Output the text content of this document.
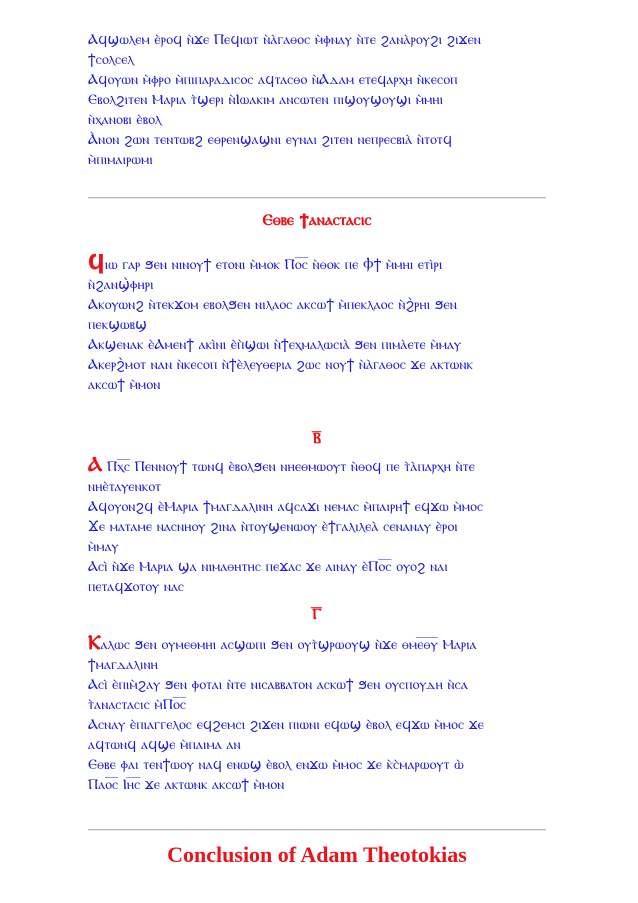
Ⲁϥϣⲱⲗⲉⲙ ⲉ̀ⲣⲟϥ ⲛ̀ϫⲉ Ⲡⲉϥⲓⲱⲧ ⲛ̀ⲁ̀ⲅⲁⲑⲟⲥ ⲙ̀ⲫⲛⲁⲩ ⲛ̀ⲧⲉ ϩⲁⲛⲁ̀ⲣⲟⲩϩⲓ ϩⲓϫⲉⲛ
ϯⲥⲟⲗⲥⲉⲗ
Ⲁϥⲟⲩⲱⲛ ⲙ̀ⲫⲣⲟ ⲙ̀ⲡⲓⲡⲁⲣⲁⲇⲓⲥⲟⲥ ⲁϥⲧⲁⲥⲑⲟ ⲛ̀Ⲁⲇⲁⲙ ⲉⲧⲉϥⲁⲣⲭⲏ ⲛ̀ⲕⲉⲥⲟⲡ
Ⲉⲃⲟⲗϩⲓⲧⲉⲛ Ⲙⲁⲣⲓⲁ ⲧ̀ϣⲉⲣⲓ ⲛ̀Ⲓⲱⲁⲕⲓⲙ ⲁⲛⲥⲱⲧⲉⲛ ⲡⲓϣⲟⲩϣⲟⲩϣⲓ ⲙ̀ⲙⲏⲓ
ⲛ̀ⲭⲁⲛⲟⲃⲓ ⲉ̀ⲃⲟⲗ
Ⲁ̀ⲛⲟⲛ ϩⲱⲛ ⲧⲉⲛⲧⲱⲃϩ ⲉⲑⲣⲉⲛϣⲁϣⲛⲓ ⲉⲩⲛⲁⲓ ϩⲓⲧⲉⲛ ⲛⲉⲡⲣⲉⲥⲃⲓⲁ̀ ⲛ̀ⲧⲟⲧϥ
ⲙ̀ⲡⲓⲙⲁⲓⲣⲱⲙⲓ
Ⲉⲑⲃⲉ ϯⲁⲛⲁⲥⲧⲁⲥⲓⲥ
Ϥⲓⲱ ⲅⲁⲣ ϧⲉⲛ ⲛⲓⲛⲟⲩϯ ⲉⲧⲟⲛⲓ ⲙ̀ⲙⲟⲕ Ⲡⲟ̅ⲥ̅ ⲛ̀ⲑⲟⲕ ⲡⲉ Ⲫϯ ⲙ̀ⲙⲏⲓ ⲉⲧⲓ̀ⲣⲓ
ⲛ̀ϩⲁⲛϣ̀ⲫⲏⲣⲓ
Ⲁⲕⲟⲩⲱⲛϩ ⲛ̀ⲧⲉⲕϫⲟⲙ ⲉⲃⲟⲗϧⲉⲛ ⲛⲓⲗⲁⲟⲥ ⲁⲕⲥⲱϯ ⲙ̀ⲡⲉⲕⲗⲁⲟⲥ ⲛ̀ϩ̀ⲣⲏⲓ ϧⲉⲛ
ⲡⲉⲕϣⲱⲃϣ
Ⲁⲕϣⲉⲛⲁⲕ ⲉ̀Ⲁⲙⲉⲛϯ ⲁⲕⲓ̀ⲛⲓ ⲉ̀ⲡ̀ϣⲱⲓ ⲛ̀ϯⲉⲭⲙⲁⲗⲱⲥⲓⲁ̀ ϧⲉⲛ ⲡⲓⲙⲁ̀ⲉⲧⲉ ⲙ̀ⲙⲁⲩ
Ⲁⲕⲉⲣϩ̀ⲙⲟⲧ ⲛⲁⲛ ⲛ̀ⲕⲉⲥⲟⲡ ⲛ̀ϯⲉ̀ⲗⲉⲩⲑⲉⲣⲓⲁ ϩⲱⲥ ⲛⲟⲩϯ ⲛ̀ⲁ̀ⲅⲁⲑⲟⲥ ϫⲉ ⲁⲕⲧⲱⲛⲕ
ⲁⲕⲥⲱϯ ⲙ̀ⲙⲟⲛ
Ⲃ̅
Ⲁ Ⲡⲭ̅ⲥ̅ Ⲡⲉⲛⲛⲟⲩϯ ⲧⲱⲛϥ ⲉ̀ⲃⲟⲗϧⲉⲛ ⲛⲏⲉⲑⲙⲱⲟⲩⲧ ⲛ̀ⲑⲟϥ ⲡⲉ ⲧ̀ⲁ̀ⲡⲁⲣⲭⲏ ⲛ̀ⲧⲉ
ⲛⲏⲉ̀ⲧⲁⲩⲉⲛⲕⲟⲧ
Ⲁϥⲟⲩⲟⲛϩϥ ⲉ̀Ⲙⲁⲣⲓⲁ ϯⲙⲁⲅⲇⲁⲗⲓⲛⲏ ⲁϥⲥⲁϫⲓ ⲛⲉⲙⲁⲥ ⲙ̀ⲡⲁⲓⲣⲏϯ ⲉϥϫⲱ ⲙ̀ⲙⲟⲥ
Ϫⲉ ⲙⲁⲧⲁⲙⲉ ⲛⲁⲥⲛⲏⲟⲩ ϩⲓⲛⲁ ⲛ̀ⲧⲟⲩϣⲉⲛⲱⲟⲩ ⲉ̀ϯⲅⲁⲗⲓⲗⲉⲁ̀ ⲥⲉⲛⲁⲛⲁⲩ ⲉ̀ⲣⲟⲓ
ⲙ̀ⲙⲁⲩ
Ⲁⲥⲓ̀ ⲛ̀ϫⲉ Ⲙⲁⲣⲓⲁ ϣⲁ ⲛⲓⲙⲁⲑⲏⲧⲏⲥ ⲡⲉϫⲁⲥ ϫⲉ ⲁⲓⲛⲁⲩ ⲉ̀Ⲡⲟ̅ⲥ̅ ⲟⲩⲟϩ ⲛⲁⲓ
ⲡⲉⲧⲁϥϫⲟⲧⲟⲩ ⲛⲁⲥ
Ⲅ̅
Ⲕⲁⲗⲱⲥ ϧⲉⲛ ⲟⲩⲙⲉⲑⲙⲏⲓ ⲁⲥϣⲱⲡⲓ ϧⲉⲛ ⲟⲩⲧ̀ϣⲣⲱⲟⲩϣ ⲛ̀ϫⲉ ⲑⲙⲉ̅ⲑ̅ⲩ̅ Ⲙⲁⲣⲓⲁ
ϯⲙⲁⲅⲇⲁⲗⲓⲛⲏ
Ⲁⲥⲓ̀ ⲉ̀ⲡⲓⲙ̀ϩⲁⲩ ϧⲉⲛ ⲫⲟⲧⲁⲓ ⲛ̀ⲧⲉ ⲛⲓⲥⲁⲃⲃⲁⲧⲟⲛ ⲁⲥⲕⲱϯ ϧⲉⲛ ⲟⲩⲥⲡⲟⲩⲇⲏ ⲛ̀ⲥⲁ
ⲧ̀ⲁⲛⲁⲥⲧⲁⲥⲓⲥ ⲙ̀Ⲡⲟ̅ⲥ̅
Ⲁⲥⲛⲁⲩ ⲉ̀ⲡⲓⲁⲅⲅⲉⲗⲟⲥ ⲉϥϩⲉⲙⲥⲓ ϩⲓϫⲉⲛ ⲡⲓⲱⲛⲓ ⲉϥⲱϣ ⲉ̀ⲃⲟⲗ ⲉϥϫⲱ ⲙ̀ⲙⲟⲥ ϫⲉ
ⲁϥⲧⲱⲛϥ ⲁϥϣⲉ ⲙ̀ⲡⲁⲓⲙⲁ ⲁⲛ
Ⲉⲑⲃⲉ ⲫⲁⲓ ⲧⲉⲛϯⲱⲟⲩ ⲛⲁϥ ⲉⲛⲱϣ ⲉ̀ⲃⲟⲗ ⲉⲛϫⲱ ⲙ̀ⲙⲟⲥ ϫⲉ ⲕ̀ⲥ̀ⲙⲁⲣⲱⲟⲩⲧ ⲱ̀
Ⲡⲁⲟ̅ⲥ̅ Ⲓⲏ̅ⲥ̅ ϫⲉ ⲁⲕⲧⲱⲛⲕ ⲁⲕⲥⲱϯ ⲙ̀ⲙⲟⲛ
Conclusion of Adam Theotokias
